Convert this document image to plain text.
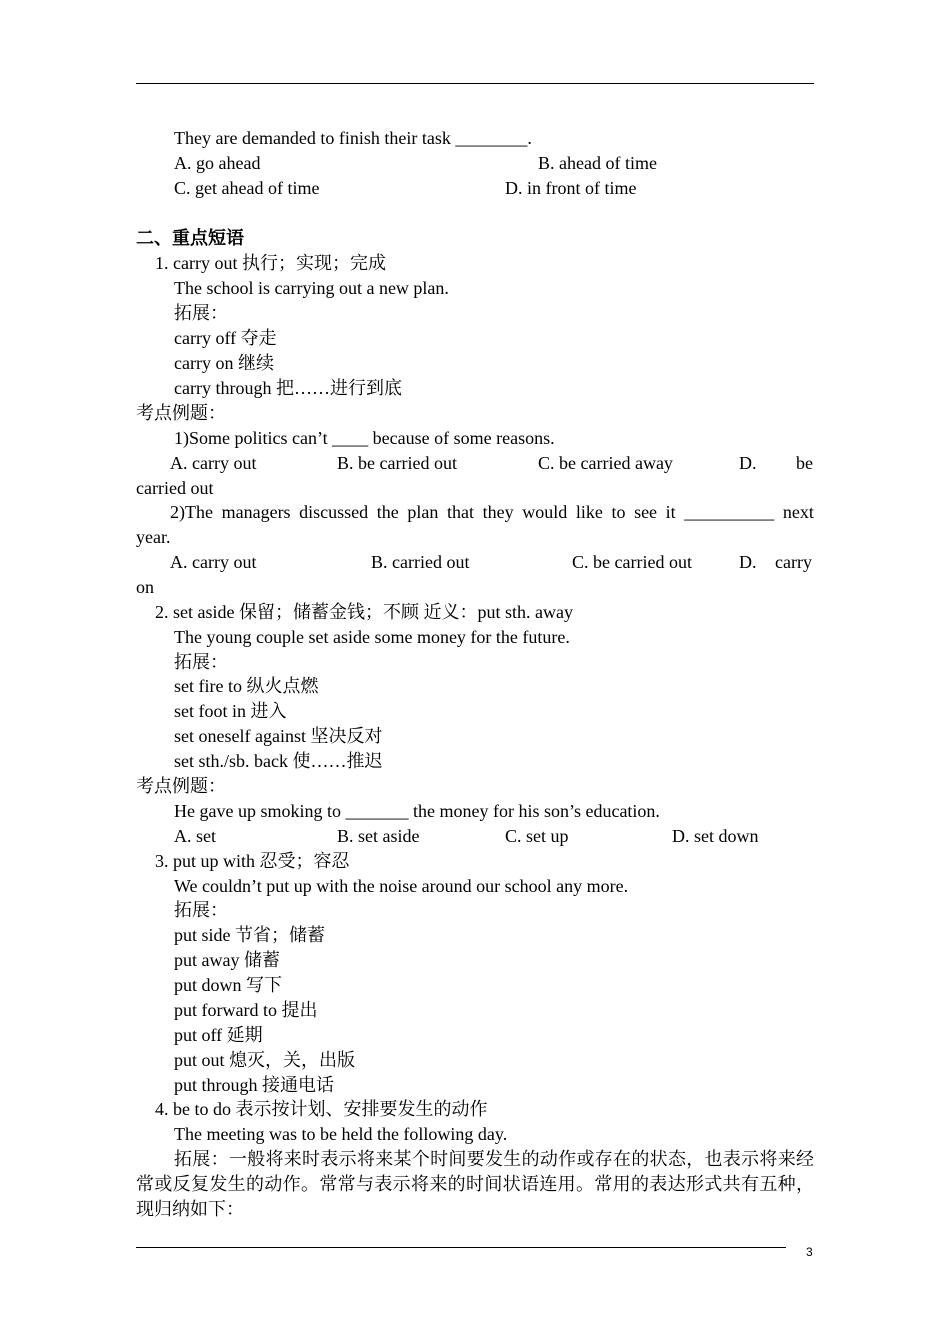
They are demanded to finish their task ________.
A. go ahead	B. ahead of time
C. get ahead of time	D. in front of time
二、重点短语
1. carry out 执行；实现；完成
The school is carrying out a new plan.
拓展：
carry off 夺走
carry on 继续
carry through 把……进行到底
考点例题：
1)Some politics can’t ____ because of some reasons.
A. carry out	B. be carried out	C. be carried away	D. be
carried out
2)The managers discussed the plan that they would like to see it __________ next
year.
A. carry out	B. carried out	C. be carried out	D. carry
on
2. set aside 保留；储蓄金钱；不顾 近义：put sth. away
The young couple set aside some money for the future.
拓展：
set fire to 纵火点燃
set foot in 进入
set oneself against 坚决反对
set sth./sb. back 使……推迟
考点例题：
He gave up smoking to _______ the money for his son’s education.
A. set	B. set aside	C. set up	D. set down
3. put up with 忍受；容忍
We couldn’t put up with the noise around our school any more.
拓展：
put side 节省；储蓄
put away 储蓄
put down 写下
put forward to 提出
put off 延期
put out 熄灭，关，出版
put through 接通电话
4. be to do 表示按计划、安排要发生的动作
The meeting was to be held the following day.
拓展：一般将来时表示将来某个时间要发生的动作或存在的状态，也表示将来经常或反复发生的动作。常常与表示将来的时间状语连用。常用的表达形式共有五种，现归纳如下：
3
